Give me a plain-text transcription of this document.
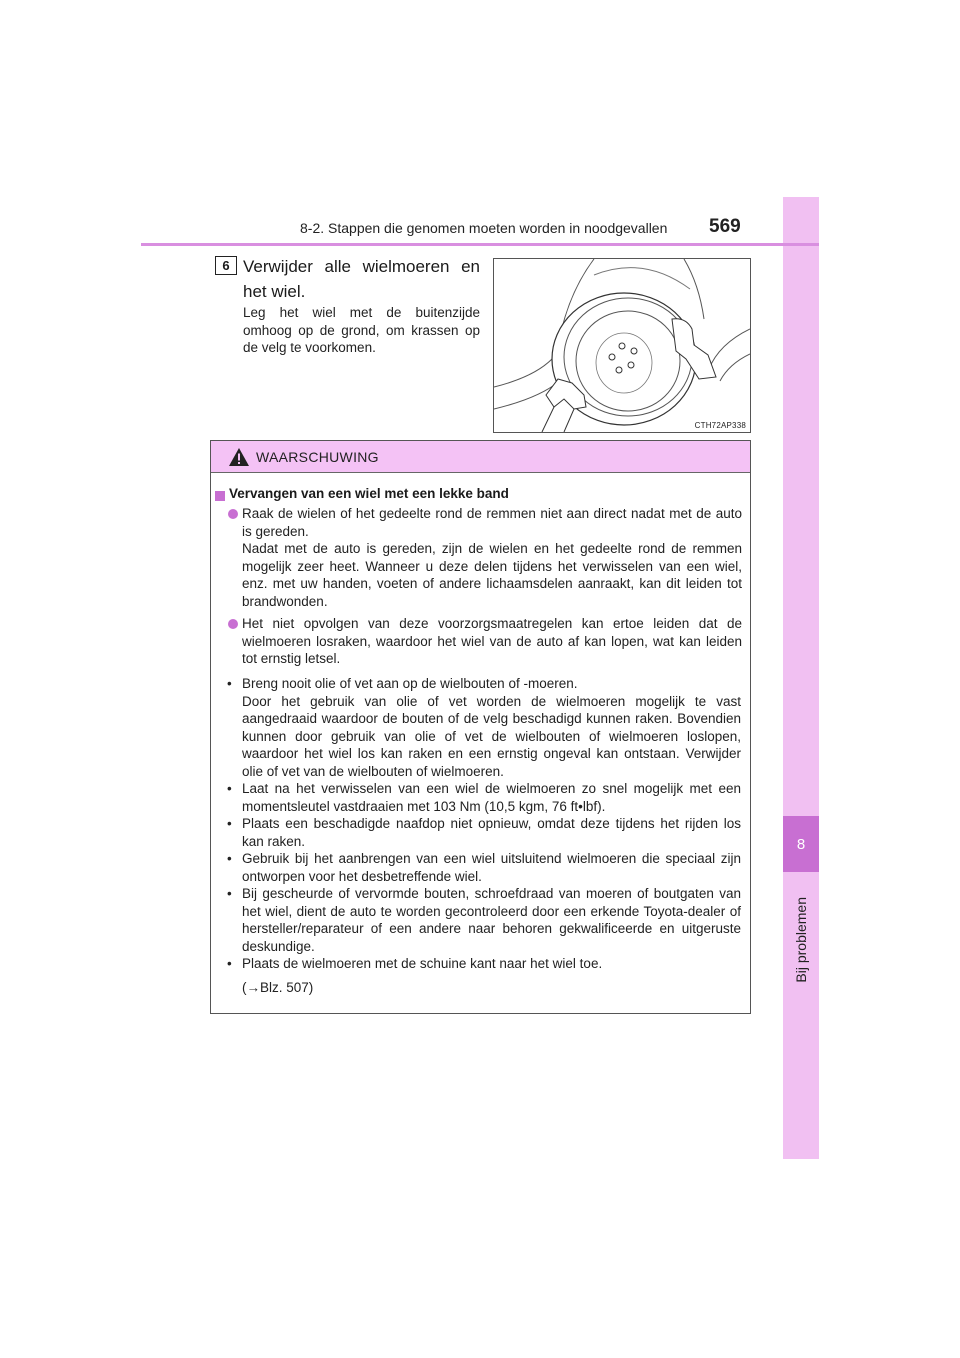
8
Bij problemen
8-2. Stappen die genomen moeten worden in noodgevallen 569
6 Verwijder alle wielmoeren en het wiel.
Leg het wiel met de buitenzijde omhoog op de grond, om krassen op de velg te voorkomen.
CTH72AP338
WAARSCHUWING
Vervangen van een wiel met een lekke band
Raak de wielen of het gedeelte rond de remmen niet aan direct nadat met de auto is gereden.
Nadat met de auto is gereden, zijn de wielen en het gedeelte rond de remmen mogelijk zeer heet. Wanneer u deze delen tijdens het verwisselen van een wiel, enz. met uw handen, voeten of andere lichaamsdelen aanraakt, kan dit leiden tot brandwonden.
Het niet opvolgen van deze voorzorgsmaatregelen kan ertoe leiden dat de wielmoeren losraken, waardoor het wiel van de auto af kan lopen, wat kan leiden tot ernstig letsel.
• Breng nooit olie of vet aan op de wielbouten of -moeren.
Door het gebruik van olie of vet worden de wielmoeren mogelijk te vast aangedraaid waardoor de bouten of de velg beschadigd kunnen raken. Bovendien kunnen door gebruik van olie of vet de wielbouten of wielmoeren loslopen, waardoor het wiel los kan raken en een ernstig ongeval kan ontstaan. Verwijder olie of vet van de wielbouten of wielmoeren.
• Laat na het verwisselen van een wiel de wielmoeren zo snel mogelijk met een momentsleutel vastdraaien met 103 Nm (10,5 kgm, 76 ft•lbf).
• Plaats een beschadigde naafdop niet opnieuw, omdat deze tijdens het rijden los kan raken.
• Gebruik bij het aanbrengen van een wiel uitsluitend wielmoeren die speciaal zijn ontworpen voor het desbetreffende wiel.
• Bij gescheurde of vervormde bouten, schroefdraad van moeren of boutgaten van het wiel, dient de auto te worden gecontroleerd door een erkende Toyota-dealer of hersteller/reparateur of een andere naar behoren gekwalificeerde en uitgeruste deskundige.
• Plaats de wielmoeren met de schuine kant naar het wiel toe.
(→Blz. 507)
